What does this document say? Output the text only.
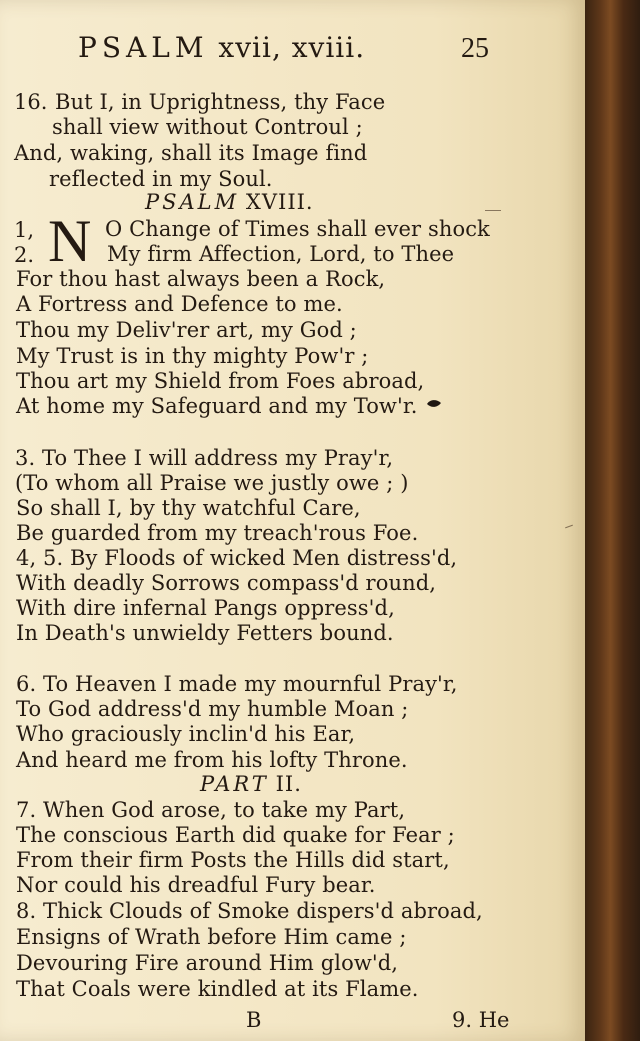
PSALM xvii, xviii.	25
16. But I, in Uprightness, thy Face
shall view without Controul ;
And, waking, shall its Image find
reflected in my Soul.
PSALM XVIII.
1,
2. N O Change of Times shall ever shock
My firm Affection, Lord, to Thee
For thou hast always been a Rock,
A Fortress and Defence to me.
Thou my Deliv'rer art, my God ;
My Trust is in thy mighty Pow'r ;
Thou art my Shield from Foes abroad,
At home my Safeguard and my Tow'r.
3. To Thee I will address my Pray'r,
(To whom all Praise we justly owe ; )
So shall I, by thy watchful Care,
Be guarded from my treach'rous Foe.
4, 5. By Floods of wicked Men distress'd,
With deadly Sorrows compass'd round,
With dire infernal Pangs oppress'd,
In Death's unwieldy Fetters bound.
6. To Heaven I made my mournful Pray'r,
To God address'd my humble Moan ;
Who graciously inclin'd his Ear,
And heard me from his lofty Throne.
PART II.
7. When God arose, to take my Part,
The conscious Earth did quake for Fear ;
From their firm Posts the Hills did start,
Nor could his dreadful Fury bear.
8. Thick Clouds of Smoke dispers'd abroad,
Ensigns of Wrath before Him came ;
Devouring Fire around Him glow'd,
That Coals were kindled at its Flame.
B	9. He
